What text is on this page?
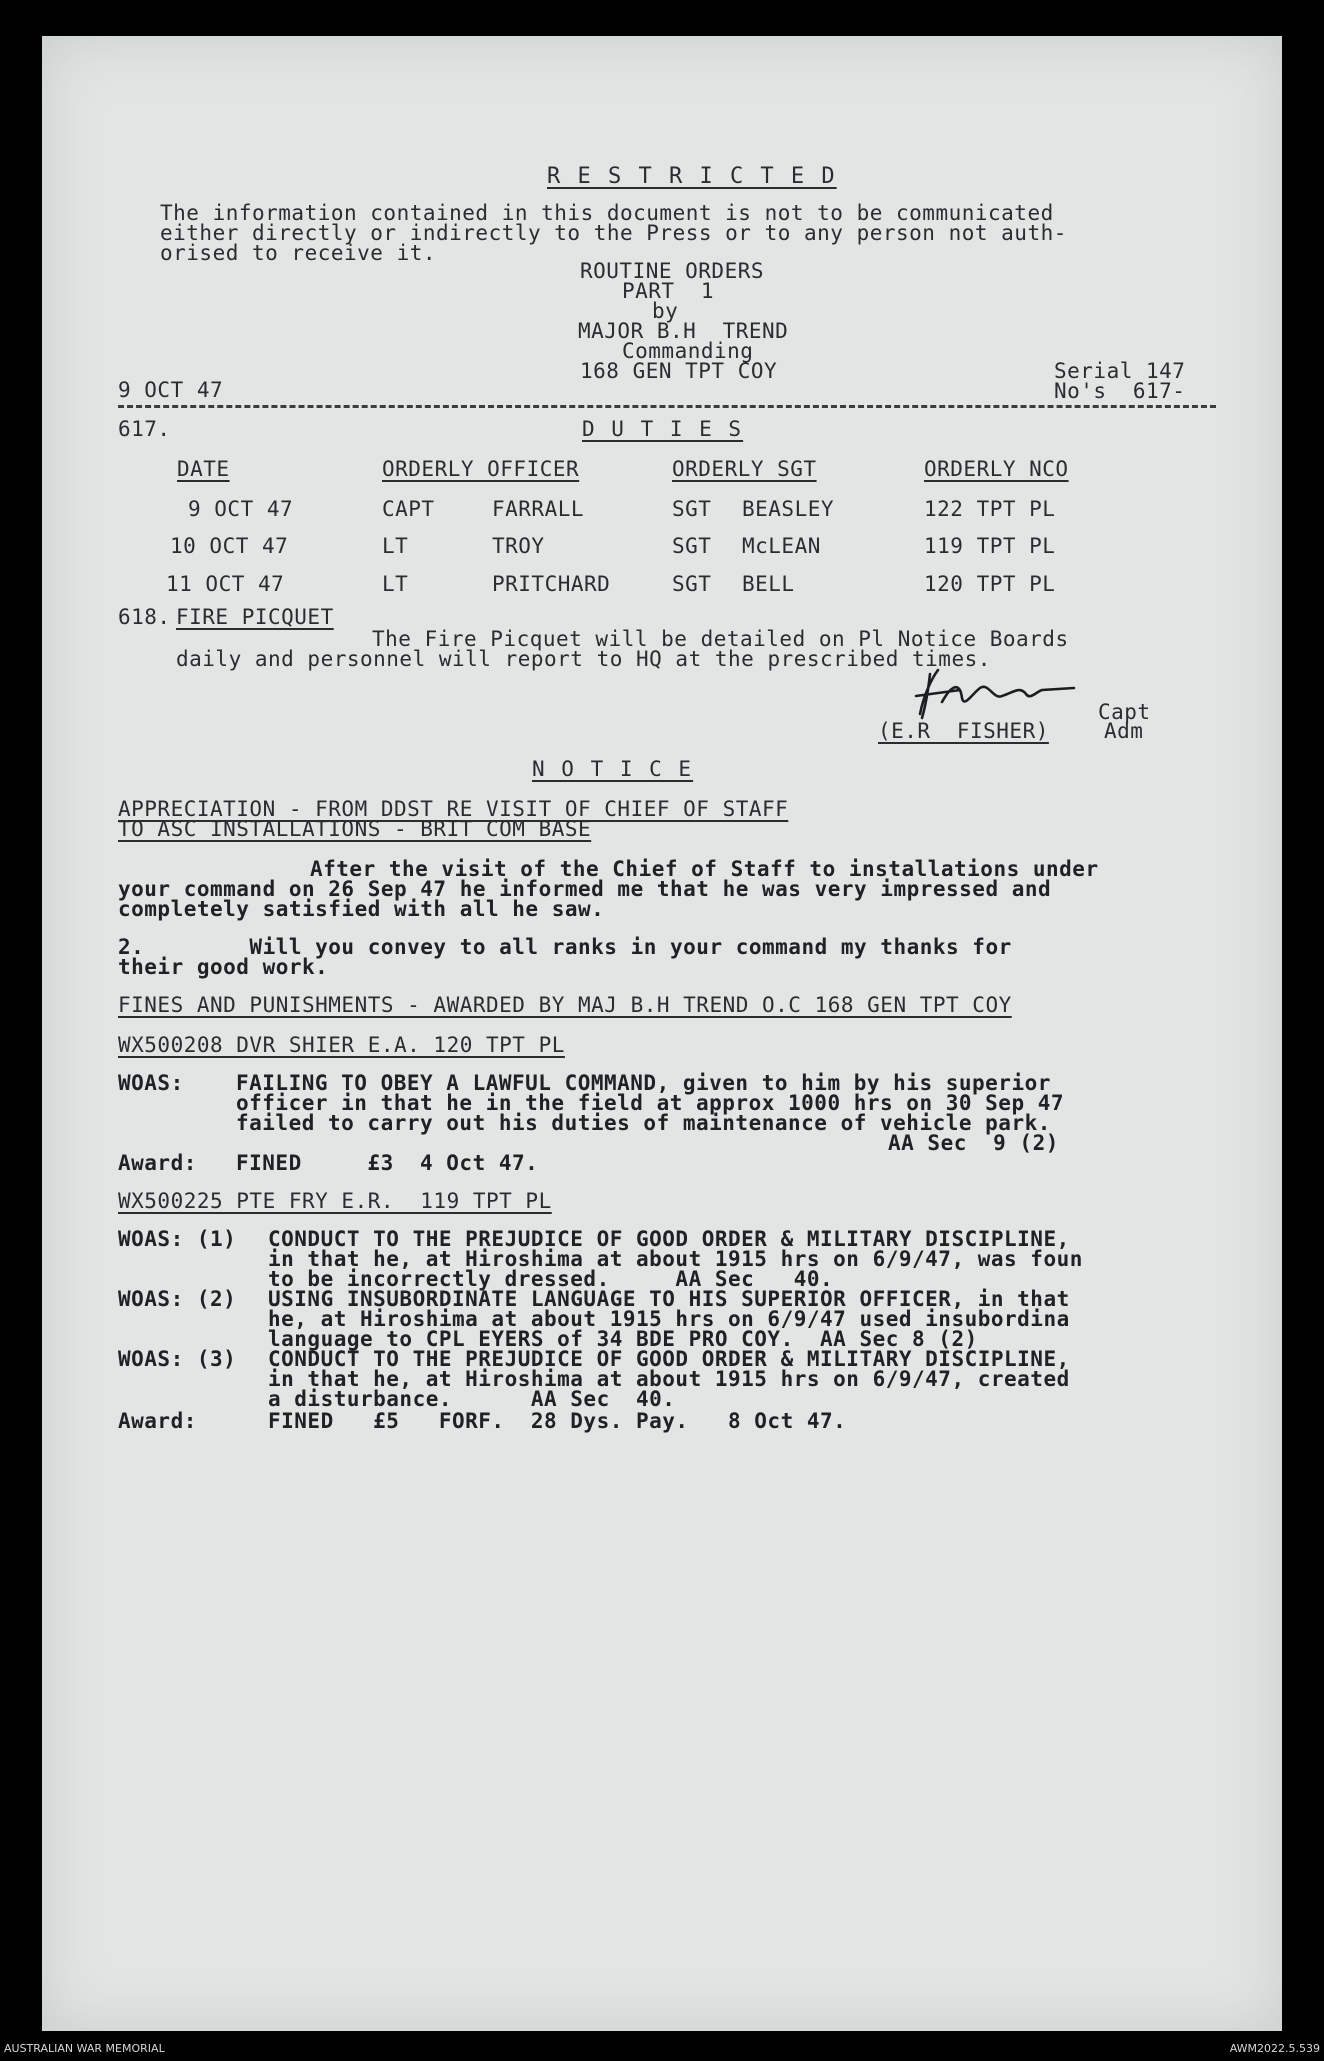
R E S T R I C T E D
The information contained in this document is not to be communicated
either directly or indirectly to the Press or to any person not auth-
orised to receive it.
ROUTINE ORDERS
PART  1
by
MAJOR B.H  TREND
Commanding
168 GEN TPT COY
9 OCT 47
Serial 147
No's  617-
617.	D U T I E S
DATE	ORDERLY OFFICER	ORDERLY SGT	ORDERLY NCO
9 OCT 47	CAPT	FARRALL	SGT BEASLEY	122 TPT PL
10 OCT 47	LT	TROY	SGT McLEAN	119 TPT PL
11 OCT 47	LT	PRITCHARD	SGT BELL	120 TPT PL
618. FIRE PICQUET
The Fire Picquet will be detailed on Pl Notice Boards
daily and personnel will report to HQ at the prescribed times.
Capt
(E.R  FISHER)	Adm
N O T I C E
APPRECIATION - FROM DDST RE VISIT OF CHIEF OF STAFF
TO ASC INSTALLATIONS - BRIT COM BASE
After the visit of the Chief of Staff to installations under
your command on 26 Sep 47 he informed me that he was very impressed and
completely satisfied with all he saw.
2.        Will you convey to all ranks in your command my thanks for
their good work.
FINES AND PUNISHMENTS - AWARDED BY MAJ B.H TREND O.C 168 GEN TPT COY
WX500208 DVR SHIER E.A. 120 TPT PL
WOAS: FAILING TO OBEY A LAWFUL COMMAND, given to him by his superior
officer in that he in the field at approx 1000 hrs on 30 Sep 47
failed to carry out his duties of maintenance of vehicle park.
AA Sec  9 (2)
Award: FINED     £3  4 Oct 47.
WX500225 PTE FRY E.R.  119 TPT PL
WOAS: (1) CONDUCT TO THE PREJUDICE OF GOOD ORDER & MILITARY DISCIPLINE,
in that he, at Hiroshima at about 1915 hrs on 6/9/47, was foun
to be incorrectly dressed.     AA Sec   40.
WOAS: (2) USING INSUBORDINATE LANGUAGE TO HIS SUPERIOR OFFICER, in that
he, at Hiroshima at about 1915 hrs on 6/9/47 used insubordina
language to CPL EYERS of 34 BDE PRO COY.  AA Sec 8 (2)
WOAS: (3) CONDUCT TO THE PREJUDICE OF GOOD ORDER & MILITARY DISCIPLINE,
in that he, at Hiroshima at about 1915 hrs on 6/9/47, created
a disturbance.      AA Sec  40.
Award:	FINED   £5   FORF.  28 Dys. Pay.   8 Oct 47.
AUSTRALIAN WAR MEMORIAL	AWM2022.5.539
